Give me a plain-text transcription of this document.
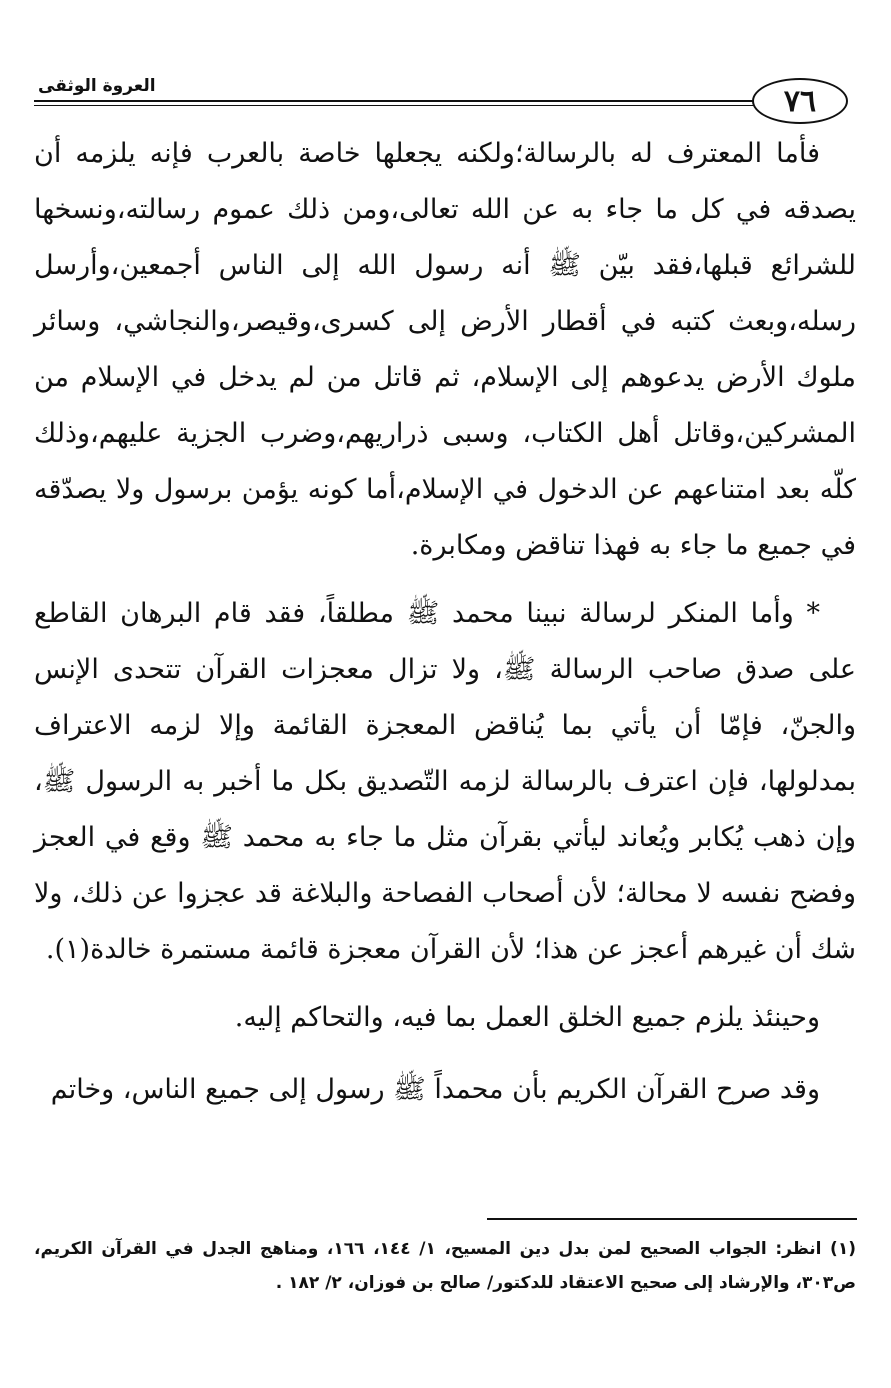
٧٦
العروة الوثقى

فأما المعترف له بالرسالة؛ولكنه يجعلها خاصة بالعرب فإنه يلزمه أن يصدقه في كل ما جاء به عن الله تعالى،ومن ذلك عموم رسالته،ونسخها للشرائع قبلها،فقد بيّن ﷺ أنه رسول الله إلى الناس أجمعين،وأرسل رسله،وبعث كتبه في أقطار الأرض إلى كسرى،وقيصر،والنجاشي، وسائر ملوك الأرض يدعوهم إلى الإسلام، ثم قاتل من لم يدخل في الإسلام من المشركين،وقاتل أهل الكتاب، وسبى ذراريهم،وضرب الجزية عليهم،وذلك كلّه بعد امتناعهم عن الدخول في الإسلام،أما كونه يؤمن برسول ولا يصدّقه في جميع ما جاء به فهذا تناقض ومكابرة.

* وأما المنكر لرسالة نبينا محمد ﷺ مطلقاً، فقد قام البرهان القاطع على صدق صاحب الرسالة ﷺ، ولا تزال معجزات القرآن تتحدى الإنس والجنّ، فإمّا أن يأتي بما يُناقض المعجزة القائمة وإلا لزمه الاعتراف بمدلولها، فإن اعترف بالرسالة لزمه التّصديق بكل ما أخبر به الرسول ﷺ، وإن ذهب يُكابر ويُعاند ليأتي بقرآن مثل ما جاء به محمد ﷺ وقع في العجز وفضح نفسه لا محالة؛ لأن أصحاب الفصاحة والبلاغة قد عجزوا عن ذلك، ولا شك أن غيرهم أعجز عن هذا؛ لأن القرآن معجزة قائمة مستمرة خالدة(١).

وحينئذ يلزم جميع الخلق العمل بما فيه، والتحاكم إليه.

وقد صرح القرآن الكريم بأن محمداً ﷺ رسول إلى جميع الناس، وخاتم

(١) انظر: الجواب الصحيح لمن بدل دين المسيح، ١/ ١٤٤، ١٦٦، ومناهج الجدل في القرآن الكريم، ص٣٠٣، والإرشاد إلى صحيح الاعتقاد للدكتور/ صالح بن فوزان، ٢/ ١٨٢ .
